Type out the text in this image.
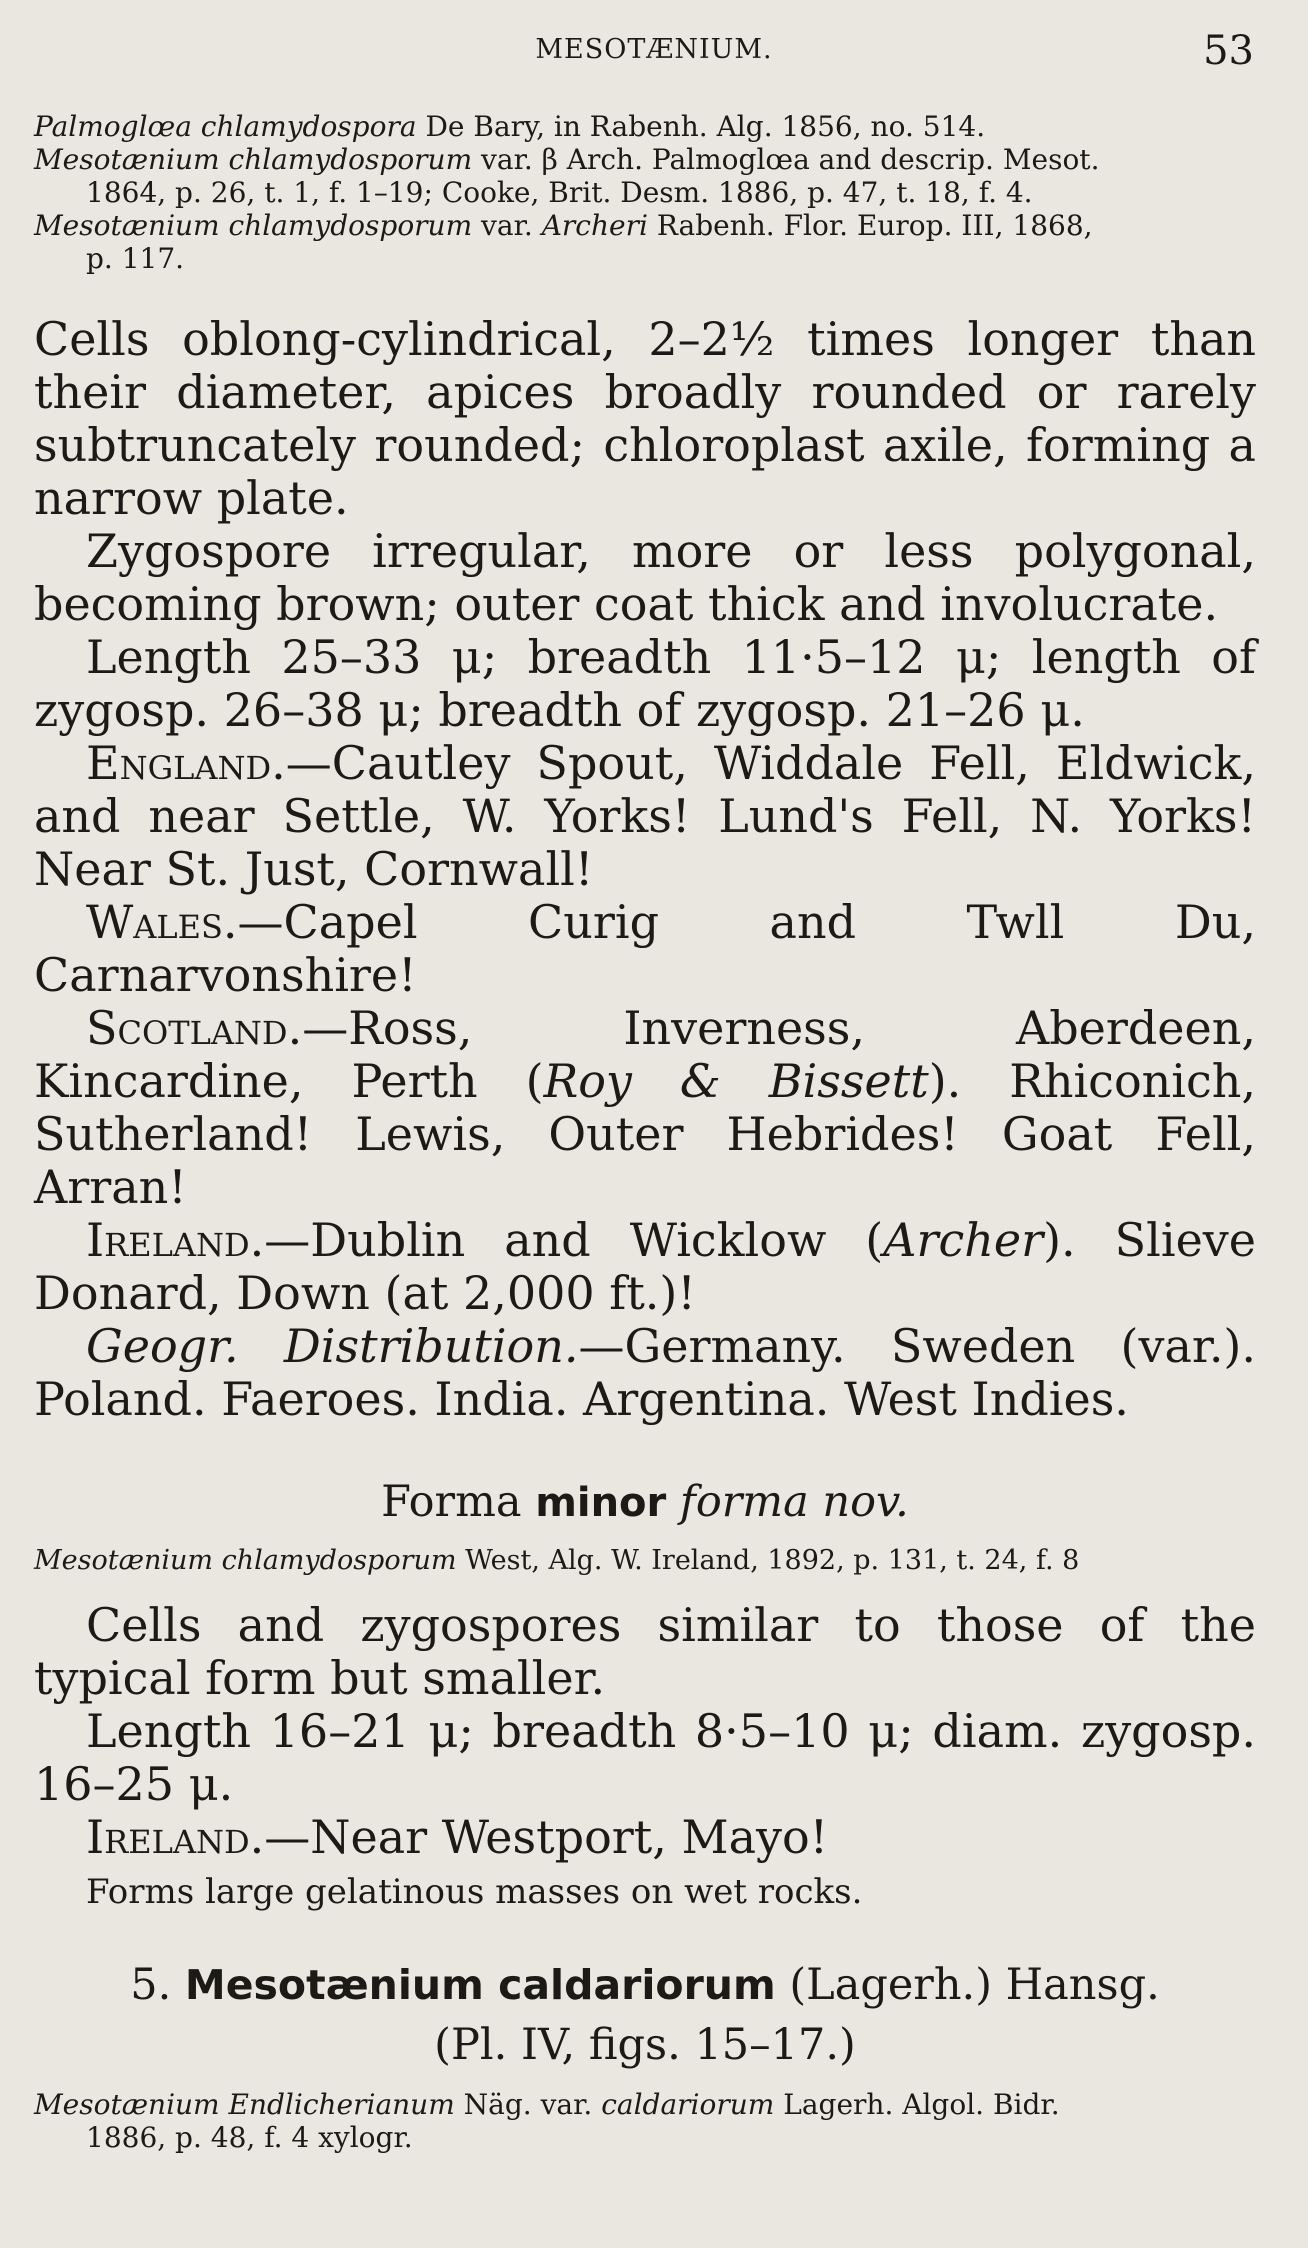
MESOTÆNIUM.	53

Palmoglœa chlamydospora De Bary, in Rabenh. Alg. 1856, no. 514.

Mesotænium chlamydosporum var. β Arch. Palmoglœa and descrip. Mesot.
1864, p. 26, t. 1, f. 1–19; Cooke, Brit. Desm. 1886, p. 47, t. 18, f. 4.

Mesotænium chlamydosporum var. Archeri Rabenh. Flor. Europ. III, 1868,
p. 117.

Cells oblong-cylindrical, 2–2½ times longer than their diameter, apices broadly rounded or rarely subtruncately rounded; chloroplast axile, forming a narrow plate.

Zygospore irregular, more or less polygonal, becoming brown; outer coat thick and involucrate.

Length 25–33 μ; breadth 11·5–12 μ; length of zygosp. 26–38 μ; breadth of zygosp. 21–26 μ.

England.—Cautley Spout, Widdale Fell, Eldwick, and near Settle, W. Yorks! Lund's Fell, N. Yorks! Near St. Just, Cornwall!

Wales.—Capel Curig and Twll Du, Carnarvonshire!

Scotland.—Ross, Inverness, Aberdeen, Kincardine, Perth (Roy & Bissett). Rhiconich, Sutherland! Lewis, Outer Hebrides! Goat Fell, Arran!

Ireland.—Dublin and Wicklow (Archer). Slieve Donard, Down (at 2,000 ft.)!

Geogr. Distribution.—Germany. Sweden (var.). Poland. Faeroes. India. Argentina. West Indies.

Forma minor forma nov.

Mesotænium chlamydosporum West, Alg. W. Ireland, 1892, p. 131, t. 24, f. 8

Cells and zygospores similar to those of the typical form but smaller.

Length 16–21 μ; breadth 8·5–10 μ; diam. zygosp. 16–25 μ.

Ireland.—Near Westport, Mayo!

Forms large gelatinous masses on wet rocks.

5. Mesotænium caldariorum (Lagerh.) Hansg.

(Pl. IV, figs. 15–17.)

Mesotænium Endlicherianum Näg. var. caldariorum Lagerh. Algol. Bidr.
1886, p. 48, f. 4 xylogr.
